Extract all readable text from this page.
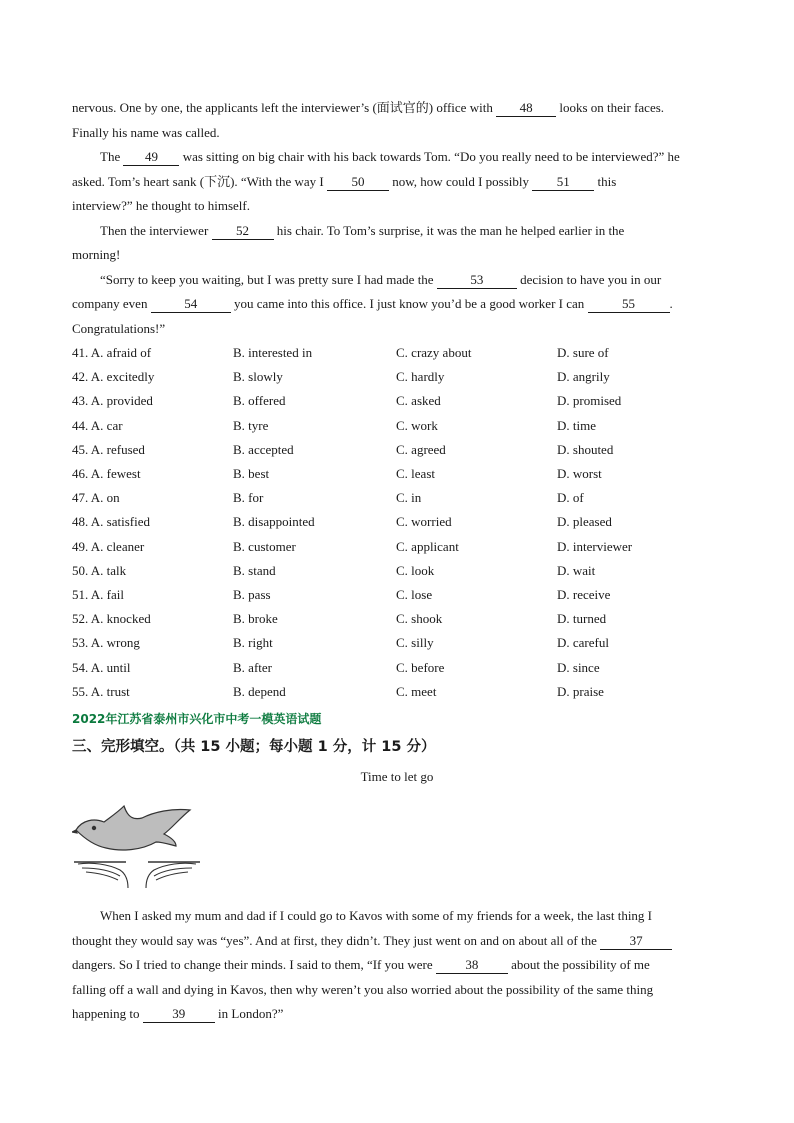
nervous. One by one, the applicants left the interviewer’s (面试官的) office with 48 looks on their faces.
Finally his name was called.
The 49 was sitting on big chair with his back towards Tom. “Do you really need to be interviewed?” he
asked. Tom’s heart sank (下沉). “With the way I 50 now, how could I possibly 51 this
interview?” he thought to himself.
Then the interviewer 52 his chair. To Tom’s surprise, it was the man he helped earlier in the
morning!
“Sorry to keep you waiting, but I was pretty sure I had made the	53	decision to have you in our
company even	54	you came into this office. I just know you’d be a good worker I can	55	.
Congratulations!”
41. A. afraid of	B. interested in	C. crazy about	D. sure of
42. A. excitedly	B. slowly	C. hardly	D. angrily
43. A. provided	B. offered	C. asked	D. promised
44. A. car	B. tyre	C. work	D. time
45. A. refused	B. accepted	C. agreed	D. shouted
46. A. fewest	B. best	C. least	D. worst
47. A. on	B. for	C. in	D. of
48. A. satisfied	B. disappointed	C. worried	D. pleased
49. A. cleaner	B. customer	C. applicant	D. interviewer
50. A. talk	B. stand	C. look	D. wait
51. A. fail	B. pass	C. lose	D. receive
52. A. knocked	B. broke	C. shook	D. turned
53. A. wrong	B. right	C. silly	D. careful
54. A. until	B. after	C. before	D. since
55. A. trust	B. depend	C. meet	D. praise
2022年江苏省泰州市兴化市中考一模英语试题
三、完形填空。（共 15 小题；每小题 1 分，计 15 分）
Time to let go
When I asked my mum and dad if I could go to Kavos with some of my friends for a week, the last thing I
thought they would say was “yes”. And at first, they didn’t. They just went on and on about all of the 37
dangers. So I tried to change their minds. I said to them, “If you were 38 about the possibility of me
falling off a wall and dying in Kavos, then why weren’t you also worried about the possibility of the same thing
happening to 39 in London?”
